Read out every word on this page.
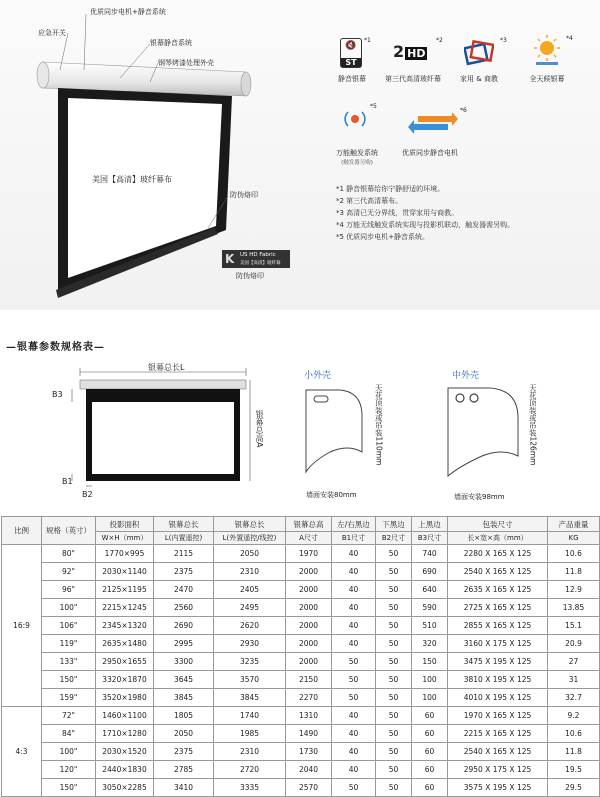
优质同步电机+静音系统
应急开关
银幕静音系统
钢琴烤漆处理外壳
美国【高清】玻纤幕布
防伪烙印
K US HD Fabric
美国【高清】玻纤幕
防伪烙印
🔇
ST
*1
静音银幕
2 HD
*2
第三代高清玻纤幕
*3
家用 & 商教
*4
全天候银幕
*5
万能触发系统
(触发器另购)
*6
优质同步静音电机
*1 静音银幕给你宁静舒适的环境。
*2 第三代高清幕布。
*3 高清已无分界线，贯穿家用与商教。
*4 万能无线触发系统实现与投影机联动，触发器需另购。
*5 优质同步电机+静音系统。
—银幕参数规格表—
银幕总长L
银幕总高A
B3
B1
B2
小外壳
天花顶装或吊装110mm
墙面安装80mm
中外壳
天花顶装或吊装126mm
墙面安装98mm
比例	规格（英寸）	投影面积	银幕总长	银幕总长	银幕总高	左/右黑边	下黑边	上黑边	包装尺寸	产品重量
		W×H（mm）	L(内置遥控)	L(外置遥控/线控)	A尺寸	B1尺寸	B2尺寸	B3尺寸	长×宽×高（mm）	KG
16:9	80"	1770×995	2115	2050	1970	40	50	740	2280 X 165 X 125	10.6
	92"	2030×1140	2375	2310	2000	40	50	690	2540 X 165 X 125	11.8
	96"	2125×1195	2470	2405	2000	40	50	640	2635 X 165 X 125	12.9
	100"	2215×1245	2560	2495	2000	40	50	590	2725 X 165 X 125	13.85
	106"	2345×1320	2690	2620	2000	40	50	510	2855 X 165 X 125	15.1
	119"	2635×1480	2995	2930	2000	40	50	320	3160 X 175 X 125	20.9
	133"	2950×1655	3300	3235	2000	50	50	150	3475 X 195 X 125	27
	150"	3320×1870	3645	3570	2150	50	50	100	3810 X 195 X 125	31
	159"	3520×1980	3845	3845	2270	50	50	100	4010 X 195 X 125	32.7
4:3	72"	1460×1100	1805	1740	1310	40	50	60	1970 X 165 X 125	9.2
	84"	1710×1280	2050	1985	1490	40	50	60	2215 X 165 X 125	10.6
	100"	2030×1520	2375	2310	1730	40	50	60	2540 X 165 X 125	11.8
	120"	2440×1830	2785	2720	2040	40	50	60	2950 X 175 X 125	19.5
	150"	3050×2285	3410	3335	2570	50	50	60	3575 X 195 X 125	29.5
